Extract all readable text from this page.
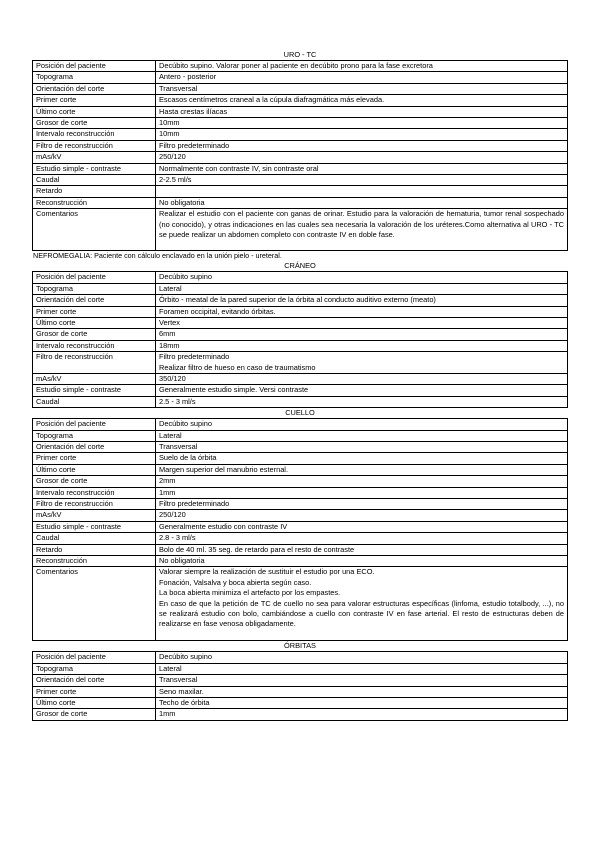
URO - TC
Posición del paciente	Decúbito supino. Valorar poner al paciente en decúbito prono para la fase excretora

Topograma	Antero - posterior

Orientación del corte	Transversal

Primer corte	Escasos centímetros craneal a la cúpula diafragmática más elevada.

Último corte	Hasta crestas ilíacas

Grosor de corte	10mm

Intervalo reconstrucción	10mm

Filtro de reconstrucción	Filtro predeterminado

mAs/kV	250/120

Estudio simple - contraste	Normalmente con contraste IV, sin contraste oral

Caudal	2-2.5 ml/s

Retardo	

Reconstrucción	No obligatoria

Comentarios	Realizar el estudio con el paciente con ganas de orinar. Estudio para la valoración de hematuria, tumor renal sospechado (no conocido), y otras indicaciones en las cuales sea necesaria la valoración de los uréteres.Como alternativa al URO - TC se puede realizar un abdomen completo con contraste IV en doble fase.
NEFROMEGALIA: Paciente con cálculo enclavado en la unión pielo - ureteral.
CRÁNEO
Posición del paciente	Decúbito supino

Topograma	Lateral

Orientación del corte	Órbito - meatal de la pared superior de la órbita al conducto auditivo externo (meato)

Primer corte	Foramen occipital, evitando órbitas.

Último corte	Vertex

Grosor de corte	6mm

Intervalo reconstrucción	18mm

Filtro de reconstrucción	Filtro predeterminado
Realizar filtro de hueso en caso de traumatismo

mAs/kV	350/120

Estudio simple - contraste	Generalmente estudio simple. Versi contraste

Caudal	2.5 - 3 ml/s
CUELLO
Posición del paciente	Decúbito supino

Topograma	Lateral

Orientación del corte	Transversal

Primer corte	Suelo de la órbita

Último corte	Margen superior del manubrio esternal.

Grosor de corte	2mm

Intervalo reconstrucción	1mm

Filtro de reconstrucción	Filtro predeterminado

mAs/kV	250/120

Estudio simple - contraste	Generalmente estudio con contraste IV

Caudal	2.8 - 3 ml/s

Retardo	Bolo de 40 ml. 35 seg. de retardo para el resto de contraste

Reconstrucción	No obligatoria

Comentarios	Valorar siempre la realización de sustituir el estudio por una ECO.
Fonación, Valsalva y boca abierta según caso.
La boca abierta minimiza el artefacto por los empastes.
En caso de que la petición de TC de cuello no sea para valorar estructuras específicas (linfoma, estudio totalbody, ...), no se realizará estudio con bolo, cambiándose a cuello con contraste IV en fase arterial. El resto de estructuras deben de realizarse en fase venosa obligadamente.
ÓRBITAS
Posición del paciente	Decúbito supino

Topograma	Lateral

Orientación del corte	Transversal

Primer corte	Seno maxilar.

Último corte	Techo de órbita

Grosor de corte	1mm
